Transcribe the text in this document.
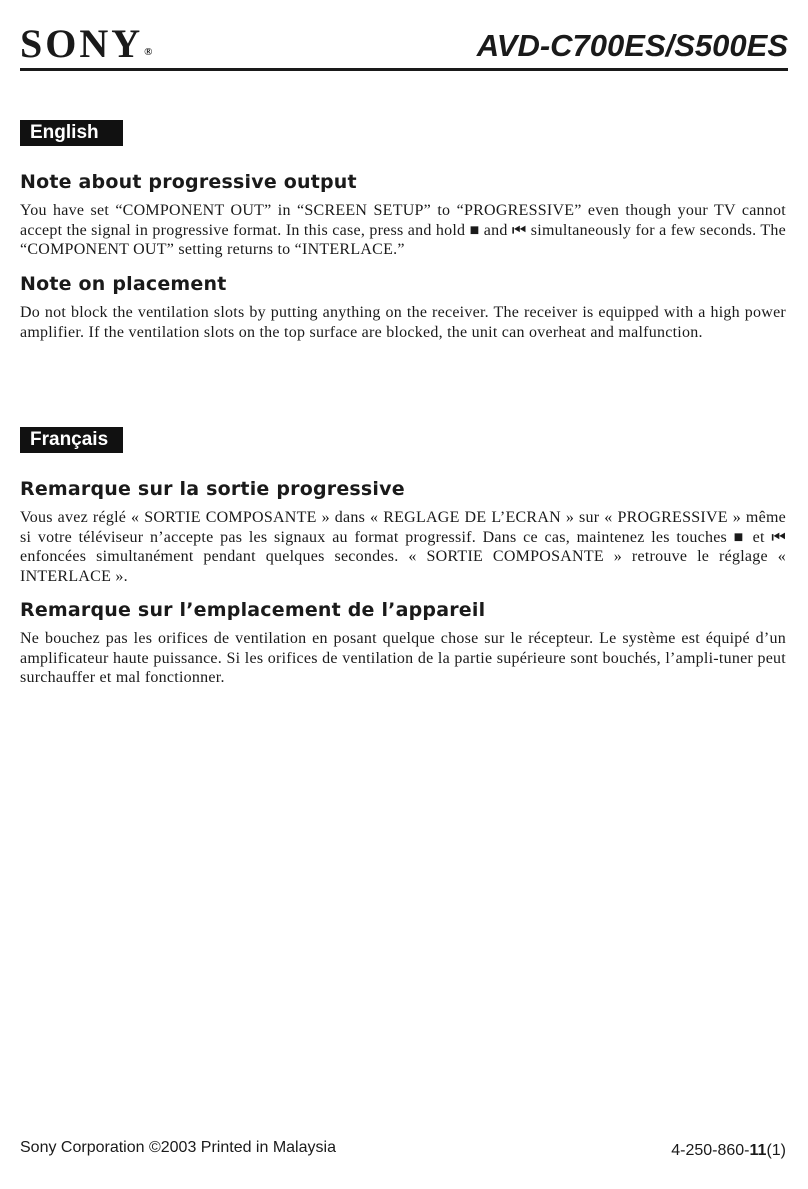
SONY®	AVD-C700ES/S500ES
English
Note about progressive output

You have set “COMPONENT OUT” in “SCREEN SETUP” to “PROGRESSIVE” even though your TV cannot accept the signal in progressive format. In this case, press and hold ■ and ⏮ simultaneously for a few seconds. The “COMPONENT OUT” setting returns to “INTERLACE.”

Note on placement

Do not block the ventilation slots by putting anything on the receiver. The receiver is equipped with a high power amplifier. If the ventilation slots on the top surface are blocked, the unit can overheat and malfunction.

Français
Remarque sur la sortie progressive

Vous avez réglé « SORTIE COMPOSANTE » dans « REGLAGE DE L’ECRAN » sur « PROGRESSIVE » même si votre téléviseur n’accepte pas les signaux au format progressif. Dans ce cas, maintenez les touches ■ et ⏮ enfoncées simultanément pendant quelques secondes. « SORTIE COMPOSANTE » retrouve le réglage « INTERLACE ».

Remarque sur l’emplacement de l’appareil

Ne bouchez pas les orifices de ventilation en posant quelque chose sur le récepteur. Le système est équipé d’un amplificateur haute puissance. Si les orifices de ventilation de la partie supérieure sont bouchés, l’ampli-tuner peut surchauffer et mal fonctionner.

Sony Corporation ©2003 Printed in Malaysia	4-250-860-11(1)
